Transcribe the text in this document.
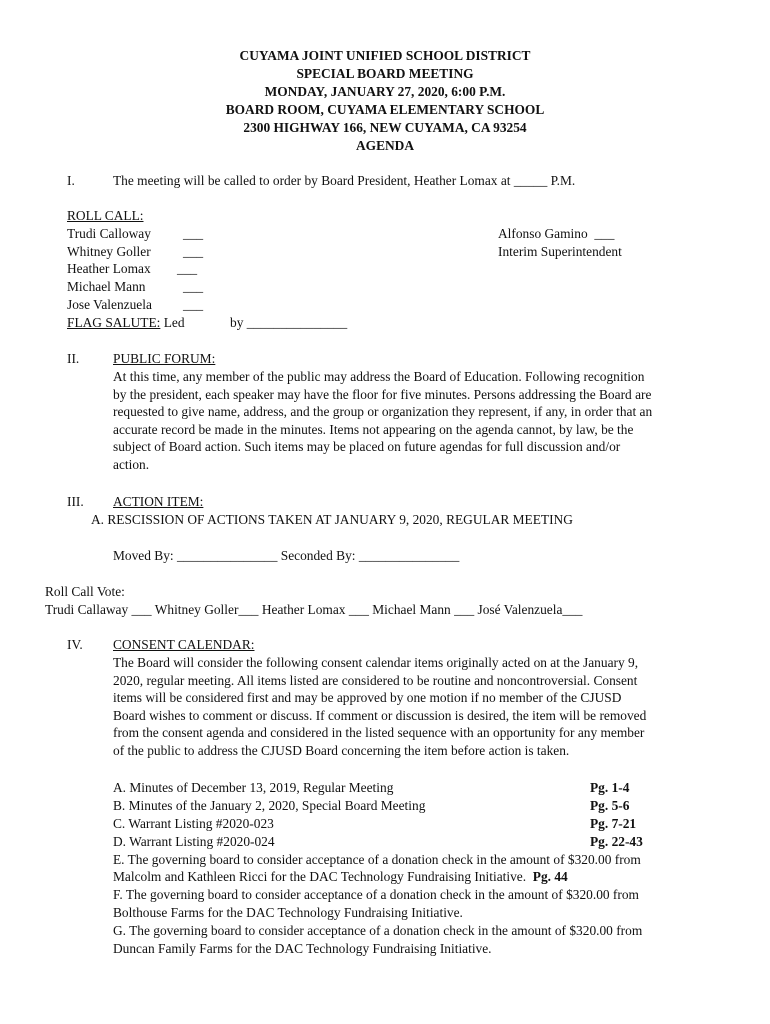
CUYAMA JOINT UNIFIED SCHOOL DISTRICT
SPECIAL BOARD MEETING
MONDAY, JANUARY 27, 2020, 6:00 P.M.
BOARD ROOM, CUYAMA ELEMENTARY SCHOOL
2300 HIGHWAY 166, NEW CUYAMA, CA 93254
AGENDA
I.	The meeting will be called to order by Board President, Heather Lomax at _____ P.M.
ROLL CALL:
Trudi Calloway ___
Whitney Goller ___
Heather Lomax ___
Michael Mann	___
Jose Valenzuela ___
Alfonso Gamino ___
Interim Superintendent
FLAG SALUTE: Led	by _______________
II.	PUBLIC FORUM:
At this time, any member of the public may address the Board of Education. Following recognition
by the president, each speaker may have the floor for five minutes. Persons addressing the Board are
requested to give name, address, and the group or organization they represent, if any, in order that an
accurate record be made in the minutes. Items not appearing on the agenda cannot, by law, be the
subject of Board action. Such items may be placed on future agendas for full discussion and/or
action.
III. ACTION ITEM:
A. RESCISSION OF ACTIONS TAKEN AT JANUARY 9, 2020, REGULAR MEETING
Moved By: _______________ Seconded By: _______________
Roll Call Vote:
Trudi Callaway ___ Whitney Goller___ Heather Lomax ___ Michael Mann ___ José Valenzuela___
IV. CONSENT CALENDAR:
The Board will consider the following consent calendar items originally acted on at the January 9,
2020, regular meeting. All items listed are considered to be routine and noncontroversial. Consent
items will be considered first and may be approved by one motion if no member of the CJUSD
Board wishes to comment or discuss. If comment or discussion is desired, the item will be removed
from the consent agenda and considered in the listed sequence with an opportunity for any member
of the public to address the CJUSD Board concerning the item before action is taken.
A. Minutes of December 13, 2019, Regular Meeting	Pg. 1-4
B. Minutes of the January 2, 2020, Special Board Meeting	Pg. 5-6
C. Warrant Listing #2020-023	Pg. 7-21
D. Warrant Listing #2020-024	Pg. 22-43
E. The governing board to consider acceptance of a donation check in the amount of $320.00 from
Malcolm and Kathleen Ricci for the DAC Technology Fundraising Initiative. Pg. 44
F. The governing board to consider acceptance of a donation check in the amount of $320.00 from
Bolthouse Farms for the DAC Technology Fundraising Initiative.
G. The governing board to consider acceptance of a donation check in the amount of $320.00 from
Duncan Family Farms for the DAC Technology Fundraising Initiative.
